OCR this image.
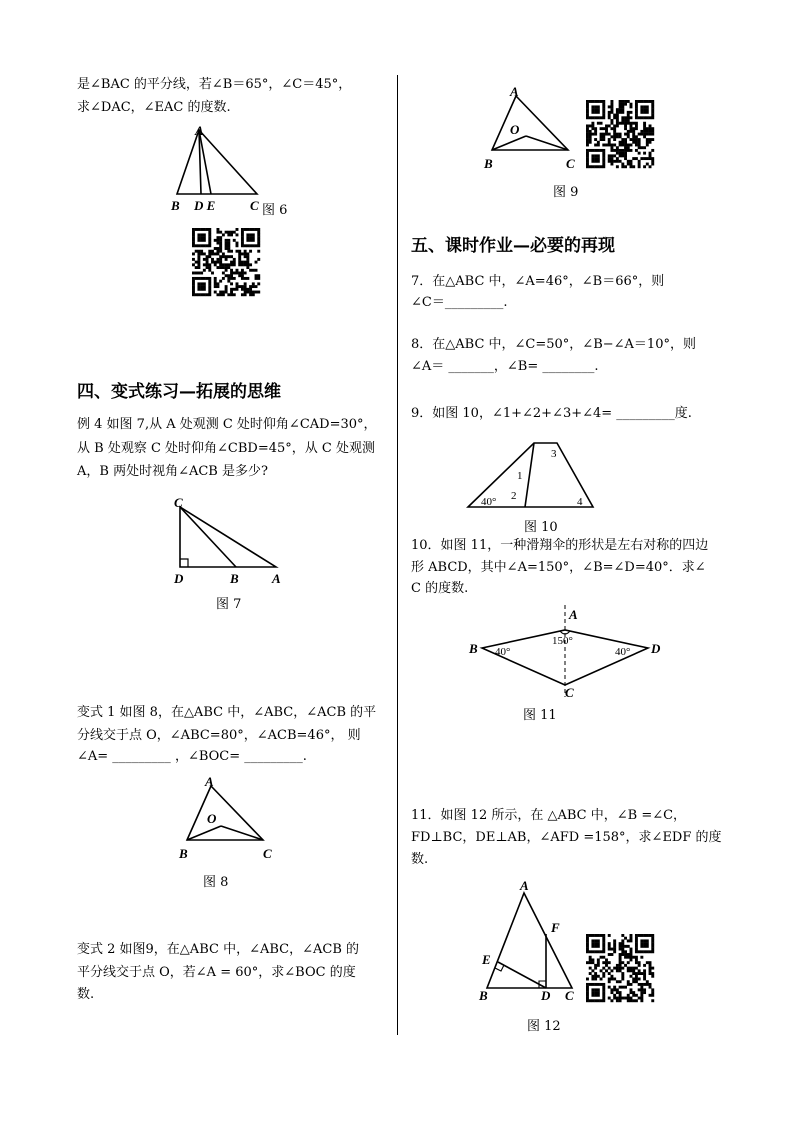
是∠BAC 的平分线，若∠B＝65°，∠C＝45°，
求∠DAC，∠EAC 的度数.
A
B D E	C 图 6
四、变式练习—拓展的思维
例 4 如图 7,从 A 处观测 C 处时仰角∠CAD=30°，
从 B 处观察 C 处时仰角∠CBD=45°，从 C 处观测
A，B 两处时视角∠ACB 是多少?
C
D	B	A
图 7
变式 1 如图 8，在△ABC 中，∠ABC，∠ACB 的平
分线交于点 O，∠ABC=80°，∠ACB=46°， 则
∠A= _________ ，∠BOC= _________.
A
O
B	C
图 8
变式 2 如图9，在△ABC 中，∠ABC，∠ACB 的
平分线交于点 O，若∠A = 60°，求∠BOC 的度
数.
A
O
B	C
图 9
五、课时作业—必要的再现
7．在△ABC 中，∠A=46°，∠B＝66°，则
∠C＝_________.
8．在△ABC 中，∠C=50°，∠B−∠A＝10°，则
∠A＝ _______，∠B= ________.
9．如图 10，∠1+∠2+∠3+∠4= _________度.
40°
1
2
3
4
图 10
10．如图 11，一种滑翔伞的形状是左右对称的四边
形 ABCD，其中∠A=150°，∠B=∠D=40°．求∠
C 的度数.
A
B
C
D
150°
40°	40°
图 11
11．如图 12 所示，在 △ABC 中，∠B =∠C，
FD⊥BC，DE⊥AB，∠AFD =158°，求∠EDF 的度
数.
A
F
E
B	D C
图 12
